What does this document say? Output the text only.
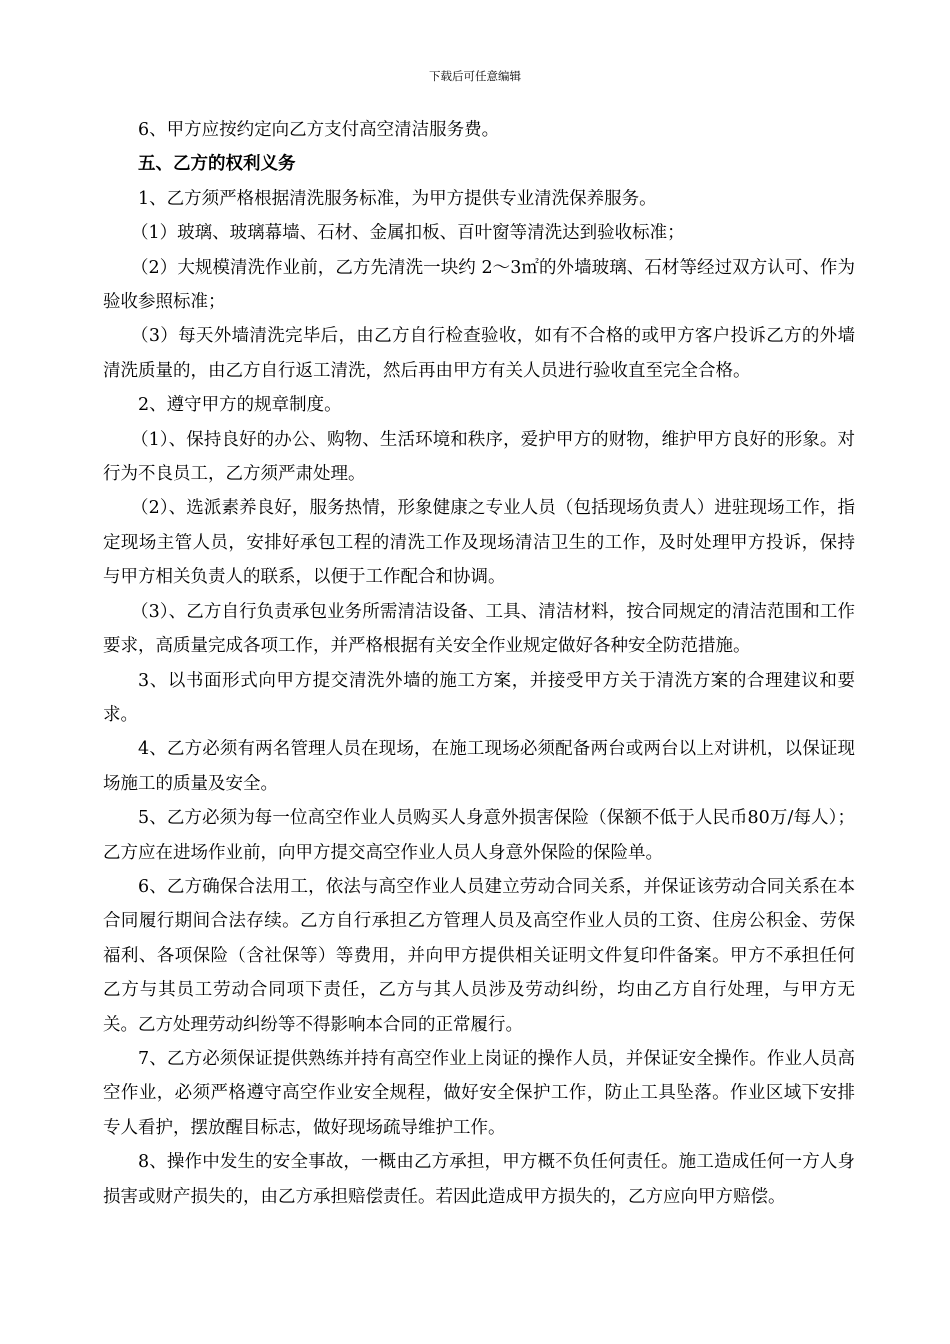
下载后可任意编辑

6、甲方应按约定向乙方支付高空清洁服务费。

五、乙方的权利义务

1、乙方须严格根据清洗服务标准，为甲方提供专业清洗保养服务。

（1）玻璃、玻璃幕墙、石材、金属扣板、百叶窗等清洗达到验收标准；

（2）大规模清洗作业前，乙方先清洗一块约 2～3㎡的外墙玻璃、石材等经过双方认可、作为验收参照标准；

（3）每天外墙清洗完毕后，由乙方自行检查验收，如有不合格的或甲方客户投诉乙方的外墙清洗质量的，由乙方自行返工清洗，然后再由甲方有关人员进行验收直至完全合格。

2、遵守甲方的规章制度。

（1）、保持良好的办公、购物、生活环境和秩序，爱护甲方的财物，维护甲方良好的形象。对行为不良员工，乙方须严肃处理。

（2）、选派素养良好，服务热情，形象健康之专业人员（包括现场负责人）进驻现场工作，指定现场主管人员，安排好承包工程的清洗工作及现场清洁卫生的工作，及时处理甲方投诉，保持与甲方相关负责人的联系，以便于工作配合和协调。

（3）、乙方自行负责承包业务所需清洁设备、工具、清洁材料，按合同规定的清洁范围和工作要求，高质量完成各项工作，并严格根据有关安全作业规定做好各种安全防范措施。

3、以书面形式向甲方提交清洗外墙的施工方案，并接受甲方关于清洗方案的合理建议和要求。

4、乙方必须有两名管理人员在现场，在施工现场必须配备两台或两台以上对讲机，以保证现场施工的质量及安全。

5、乙方必须为每一位高空作业人员购买人身意外损害保险（保额不低于人民币80万/每人）；乙方应在进场作业前，向甲方提交高空作业人员人身意外保险的保险单。

6、乙方确保合法用工，依法与高空作业人员建立劳动合同关系，并保证该劳动合同关系在本合同履行期间合法存续。乙方自行承担乙方管理人员及高空作业人员的工资、住房公积金、劳保福利、各项保险（含社保等）等费用，并向甲方提供相关证明文件复印件备案。甲方不承担任何乙方与其员工劳动合同项下责任，乙方与其人员涉及劳动纠纷，均由乙方自行处理，与甲方无关。乙方处理劳动纠纷等不得影响本合同的正常履行。

7、乙方必须保证提供熟练并持有高空作业上岗证的操作人员，并保证安全操作。作业人员高空作业，必须严格遵守高空作业安全规程，做好安全保护工作，防止工具坠落。作业区域下安排专人看护，摆放醒目标志，做好现场疏导维护工作。

8、操作中发生的安全事故，一概由乙方承担，甲方概不负任何责任。施工造成任何一方人身损害或财产损失的，由乙方承担赔偿责任。若因此造成甲方损失的，乙方应向甲方赔偿。
